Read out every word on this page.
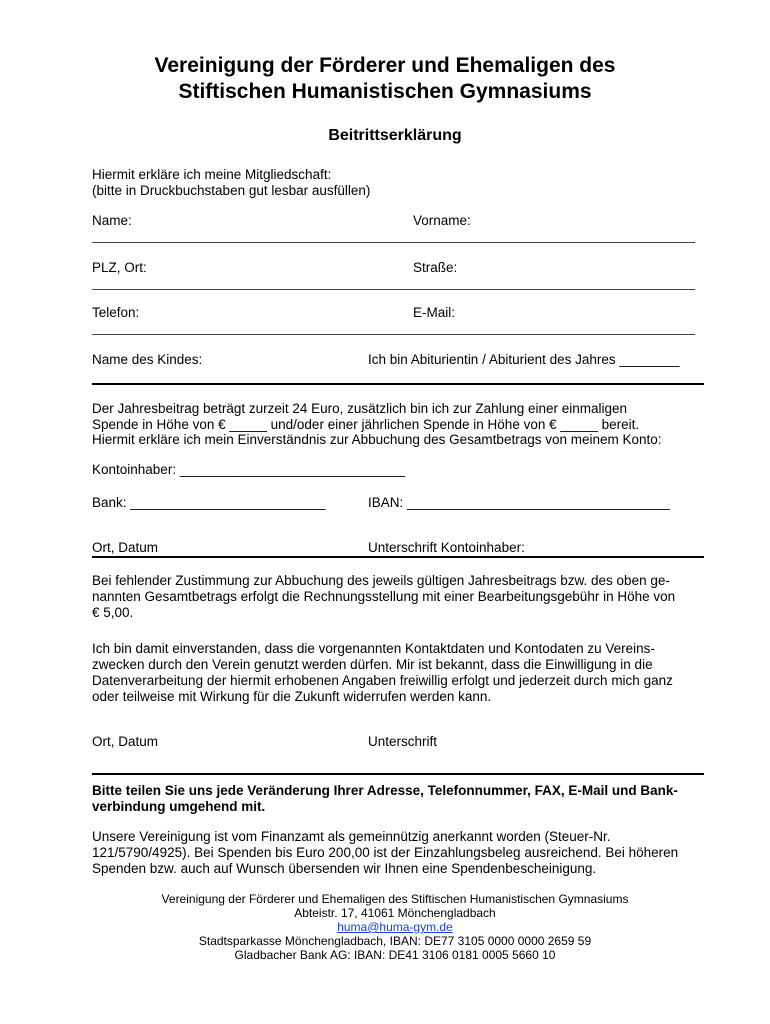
Vereinigung der Förderer und Ehemaligen des
Stiftischen Humanistischen Gymnasiums
Beitrittserklärung
Hiermit erkläre ich meine Mitgliedschaft:
(bitte in Druckbuchstaben gut lesbar ausfüllen)
Name:	Vorname:
PLZ, Ort:	Straße:
Telefon:	E-Mail:
Name des Kindes:	Ich bin Abiturientin / Abiturient des Jahres ________
Der Jahresbeitrag beträgt zurzeit 24 Euro, zusätzlich bin ich zur Zahlung einer einmaligen
Spende in Höhe von € _____ und/oder einer jährlichen Spende in Höhe von € _____ bereit.
Hiermit erkläre ich mein Einverständnis zur Abbuchung des Gesamtbetrags von meinem Konto:
Kontoinhaber: ______________________________
Bank: __________________________	IBAN: ___________________________________
Ort, Datum	Unterschrift Kontoinhaber:
Bei fehlender Zustimmung zur Abbuchung des jeweils gültigen Jahresbeitrags bzw. des oben ge-
nannten Gesamtbetrags erfolgt die Rechnungsstellung mit einer Bearbeitungsgebühr in Höhe von
€ 5,00.
Ich bin damit einverstanden, dass die vorgenannten Kontaktdaten und Kontodaten zu Vereins-
zwecken durch den Verein genutzt werden dürfen. Mir ist bekannt, dass die Einwilligung in die
Datenverarbeitung der hiermit erhobenen Angaben freiwillig erfolgt und jederzeit durch mich ganz
oder teilweise mit Wirkung für die Zukunft widerrufen werden kann.
Ort, Datum	Unterschrift
Bitte teilen Sie uns jede Veränderung Ihrer Adresse, Telefonnummer, FAX, E-Mail und Bank-
verbindung umgehend mit.
Unsere Vereinigung ist vom Finanzamt als gemeinnützig anerkannt worden (Steuer-Nr.
121/5790/4925). Bei Spenden bis Euro 200,00 ist der Einzahlungsbeleg ausreichend. Bei höheren
Spenden bzw. auch auf Wunsch übersenden wir Ihnen eine Spendenbescheinigung.
Vereinigung der Förderer und Ehemaligen des Stiftischen Humanistischen Gymnasiums
Abteistr. 17, 41061 Mönchengladbach
huma@huma-gym.de
Stadtsparkasse Mönchengladbach, IBAN: DE77 3105 0000 0000 2659 59
Gladbacher Bank AG: IBAN: DE41 3106 0181 0005 5660 10
